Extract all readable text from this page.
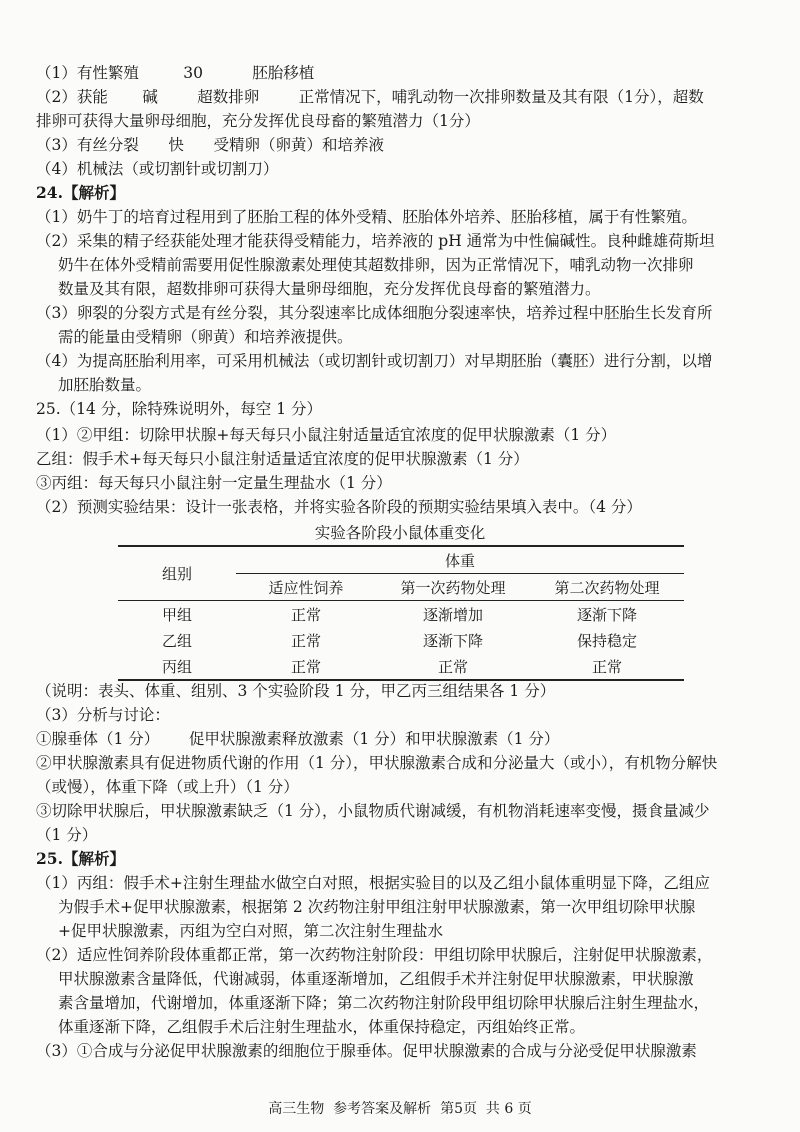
（1）有性繁殖         30          胚胎移植
（2）获能       碱        超数排卵        正常情况下，哺乳动物一次排卵数量及其有限（1分），超数
排卵可获得大量卵母细胞，充分发挥优良母畜的繁殖潜力（1分）
（3）有丝分裂      快      受精卵（卵黄）和培养液
（4）机械法（或切割针或切割刀）
24.【解析】
（1）奶牛丁的培育过程用到了胚胎工程的体外受精、胚胎体外培养、胚胎移植，属于有性繁殖。
（2）采集的精子经获能处理才能获得受精能力，培养液的 pH 通常为中性偏碱性。良种雌雄荷斯坦
奶牛在体外受精前需要用促性腺激素处理使其超数排卵，因为正常情况下，哺乳动物一次排卵
数量及其有限，超数排卵可获得大量卵母细胞，充分发挥优良母畜的繁殖潜力。
（3）卵裂的分裂方式是有丝分裂，其分裂速率比成体细胞分裂速率快，培养过程中胚胎生长发育所
需的能量由受精卵（卵黄）和培养液提供。
（4）为提高胚胎利用率，可采用机械法（或切割针或切割刀）对早期胚胎（囊胚）进行分割，以增
加胚胎数量。
25.（14 分，除特殊说明外，每空 1 分）
（1）②甲组：切除甲状腺+每天每只小鼠注射适量适宜浓度的促甲状腺激素（1 分）
乙组：假手术+每天每只小鼠注射适量适宜浓度的促甲状腺激素（1 分）
③丙组：每天每只小鼠注射一定量生理盐水（1 分）
（2）预测实验结果：设计一张表格，并将实验各阶段的预期实验结果填入表中。（4 分）
实验各阶段小鼠体重变化
组别	体重		
	适应性饲养	第一次药物处理	第二次药物处理
甲组	正常	逐渐增加	逐渐下降
乙组	正常	逐渐下降	保持稳定
丙组	正常	正常	正常
（说明：表头、体重、组别、3 个实验阶段 1 分，甲乙丙三组结果各 1 分）
（3）分析与讨论：
①腺垂体（1 分）      促甲状腺激素释放激素（1 分）和甲状腺激素（1 分）
②甲状腺激素具有促进物质代谢的作用（1 分），甲状腺激素合成和分泌量大（或小），有机物分解快
（或慢），体重下降（或上升）（1 分）
③切除甲状腺后，甲状腺激素缺乏（1 分），小鼠物质代谢减缓，有机物消耗速率变慢，摄食量减少
（1 分）
25.【解析】
（1）丙组：假手术+注射生理盐水做空白对照，根据实验目的以及乙组小鼠体重明显下降，乙组应
为假手术+促甲状腺激素，根据第 2 次药物注射甲组注射甲状腺激素，第一次甲组切除甲状腺
+促甲状腺激素，丙组为空白对照，第二次注射生理盐水
（2）适应性饲养阶段体重都正常，第一次药物注射阶段：甲组切除甲状腺后，注射促甲状腺激素，
甲状腺激素含量降低，代谢减弱，体重逐渐增加，乙组假手术并注射促甲状腺激素，甲状腺激
素含量增加，代谢增加，体重逐渐下降；第二次药物注射阶段甲组切除甲状腺后注射生理盐水，
体重逐渐下降，乙组假手术后注射生理盐水，体重保持稳定，丙组始终正常。
（3）①合成与分泌促甲状腺激素的细胞位于腺垂体。促甲状腺激素的合成与分泌受促甲状腺激素
高三生物  参考答案及解析  第5页  共 6 页
